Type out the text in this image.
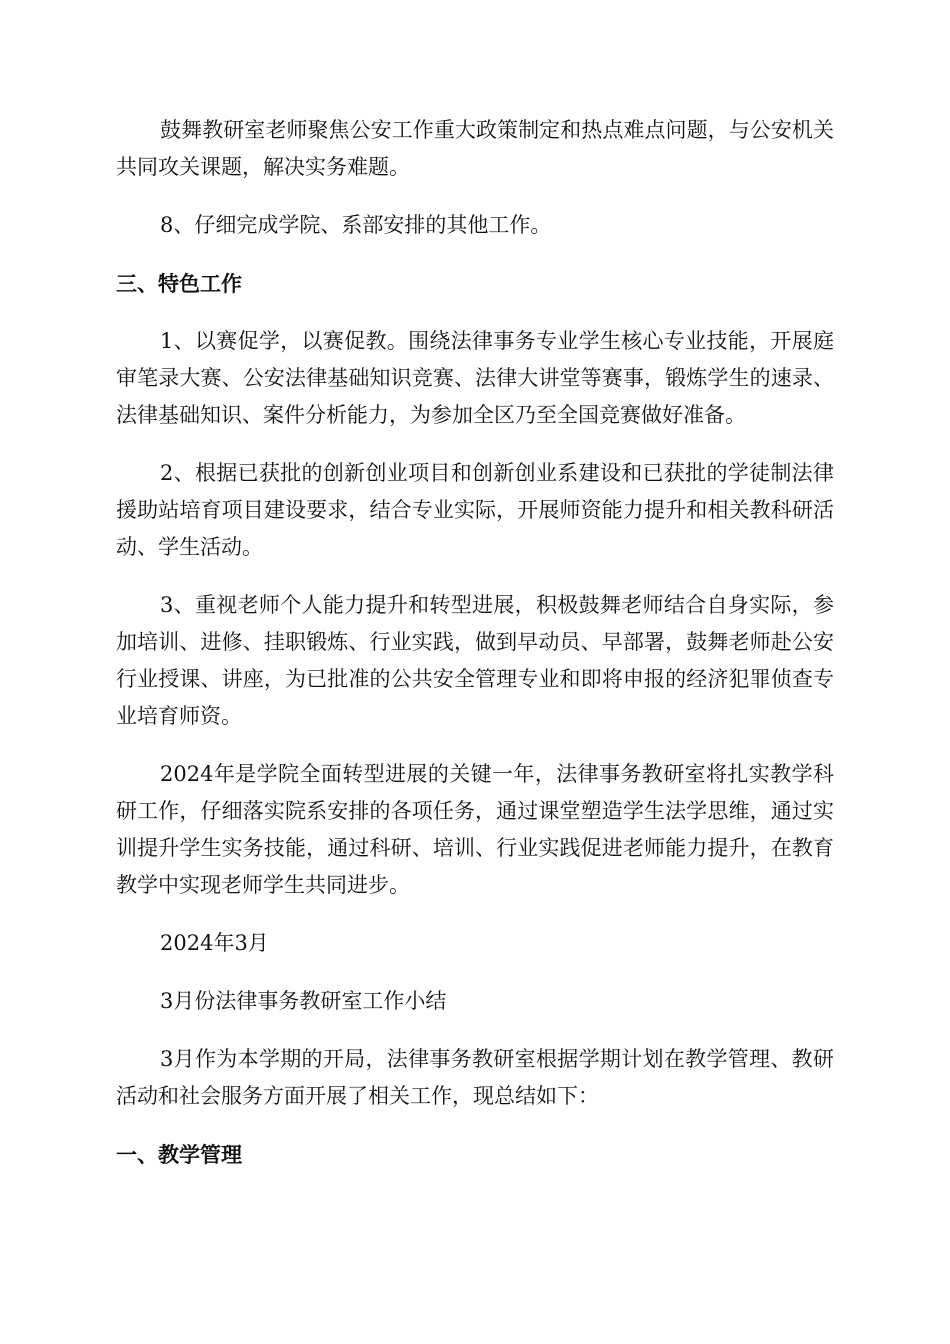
鼓舞教研室老师聚焦公安工作重大政策制定和热点难点问题，与公安机关共同攻关课题，解决实务难题。

8、仔细完成学院、系部安排的其他工作。

三、特色工作

1、以赛促学，以赛促教。围绕法律事务专业学生核心专业技能，开展庭审笔录大赛、公安法律基础知识竞赛、法律大讲堂等赛事，锻炼学生的速录、法律基础知识、案件分析能力，为参加全区乃至全国竞赛做好准备。

2、根据已获批的创新创业项目和创新创业系建设和已获批的学徒制法律援助站培育项目建设要求，结合专业实际，开展师资能力提升和相关教科研活动、学生活动。

3、重视老师个人能力提升和转型进展，积极鼓舞老师结合自身实际，参加培训、进修、挂职锻炼、行业实践，做到早动员、早部署，鼓舞老师赴公安行业授课、讲座，为已批准的公共安全管理专业和即将申报的经济犯罪侦查专业培育师资。

2024年是学院全面转型进展的关键一年，法律事务教研室将扎实教学科研工作，仔细落实院系安排的各项任务，通过课堂塑造学生法学思维，通过实训提升学生实务技能，通过科研、培训、行业实践促进老师能力提升，在教育教学中实现老师学生共同进步。

2024年3月

3月份法律事务教研室工作小结

3月作为本学期的开局，法律事务教研室根据学期计划在教学管理、教研活动和社会服务方面开展了相关工作，现总结如下：

一、教学管理
